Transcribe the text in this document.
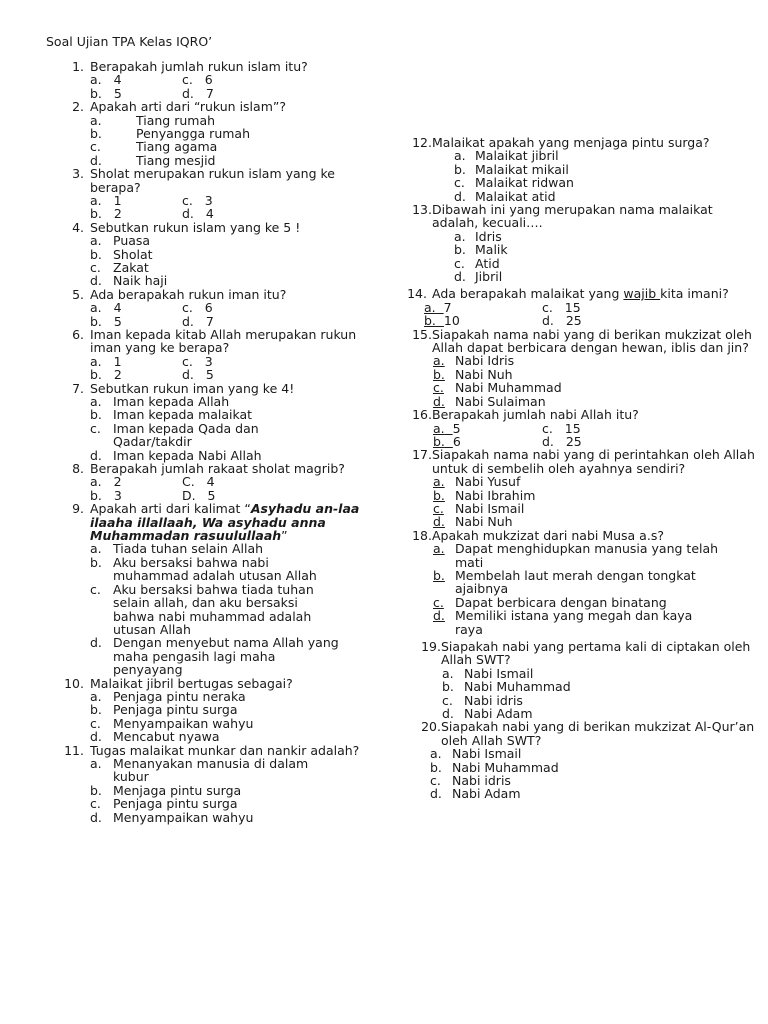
Soal Ujian TPA Kelas IQRO’
1. Berapakah jumlah rukun islam itu?
a. 4	c. 6
b. 5	d. 7
2. Apakah arti dari “rukun islam”?
a.	Tiang rumah
b.	Penyangga rumah
c.	Tiang agama
d.	Tiang mesjid
3. Sholat merupakan rukun islam yang ke berapa?
a. 1	c. 3
b. 2	d. 4
4. Sebutkan rukun islam yang ke 5 !
a. Puasa
b. Sholat
c. Zakat
d. Naik haji
5. Ada berapakah rukun iman itu?
a. 4	c. 6
b. 5	d. 7
6. Iman kepada kitab Allah merupakan rukun iman yang ke berapa?
a. 1	c. 3
b. 2	d. 5
7. Sebutkan rukun iman yang ke 4!
a. Iman kepada Allah
b. Iman kepada malaikat
c. Iman kepada Qada dan Qadar/takdir
d. Iman kepada Nabi Allah
8. Berapakah jumlah rakaat sholat magrib?
a. 2	C. 4
b. 3	D. 5
9. Apakah arti dari kalimat “Asyhadu an-laa ilaaha illallaah, Wa asyhadu anna Muhammadan rasuulullaah”
a. Tiada tuhan selain Allah
b. Aku bersaksi bahwa nabi muhammad adalah utusan Allah
c. Aku bersaksi bahwa tiada tuhan selain allah, dan aku bersaksi bahwa nabi muhammad adalah utusan Allah
d. Dengan menyebut nama Allah yang maha pengasih lagi maha penyayang
10. Malaikat jibril bertugas sebagai?
a. Penjaga pintu neraka
b. Penjaga pintu surga
c. Menyampaikan wahyu
d. Mencabut nyawa
11. Tugas malaikat munkar dan nankir adalah?
a. Menanyakan manusia di dalam kubur
b. Menjaga pintu surga
c. Penjaga pintu surga
d. Menyampaikan wahyu
12. Malaikat apakah yang menjaga pintu surga?
a. Malaikat jibril
b. Malaikat mikail
c. Malaikat ridwan
d. Malaikat atid
13. Dibawah ini yang merupakan nama malaikat adalah, kecuali….
a. Idris
b. Malik
c. Atid
d. Jibril
14. Ada berapakah malaikat yang wajib kita imani?
a. 7	c. 15
b. 10	d. 25
15. Siapakah nama nabi yang di berikan mukzizat oleh Allah dapat berbicara dengan hewan, iblis dan jin?
a. Nabi Idris
b. Nabi Nuh
c. Nabi Muhammad
d. Nabi Sulaiman
16. Berapakah jumlah nabi Allah itu?
a. 5	c. 15
b. 6	d. 25
17. Siapakah nama nabi yang di perintahkan oleh Allah untuk di sembelih oleh ayahnya sendiri?
a. Nabi Yusuf
b. Nabi Ibrahim
c. Nabi Ismail
d. Nabi Nuh
18. Apakah mukzizat dari nabi Musa a.s?
a. Dapat menghidupkan manusia yang telah mati
b. Membelah laut merah dengan tongkat ajaibnya
c. Dapat berbicara dengan binatang
d. Memiliki istana yang megah dan kaya raya
19. Siapakah nabi yang pertama kali di ciptakan oleh Allah SWT?
a. Nabi Ismail
b. Nabi Muhammad
c. Nabi idris
d. Nabi Adam
20. Siapakah nabi yang di berikan mukzizat Al-Qur’an oleh Allah SWT?
a. Nabi Ismail
b. Nabi Muhammad
c. Nabi idris
d. Nabi Adam
